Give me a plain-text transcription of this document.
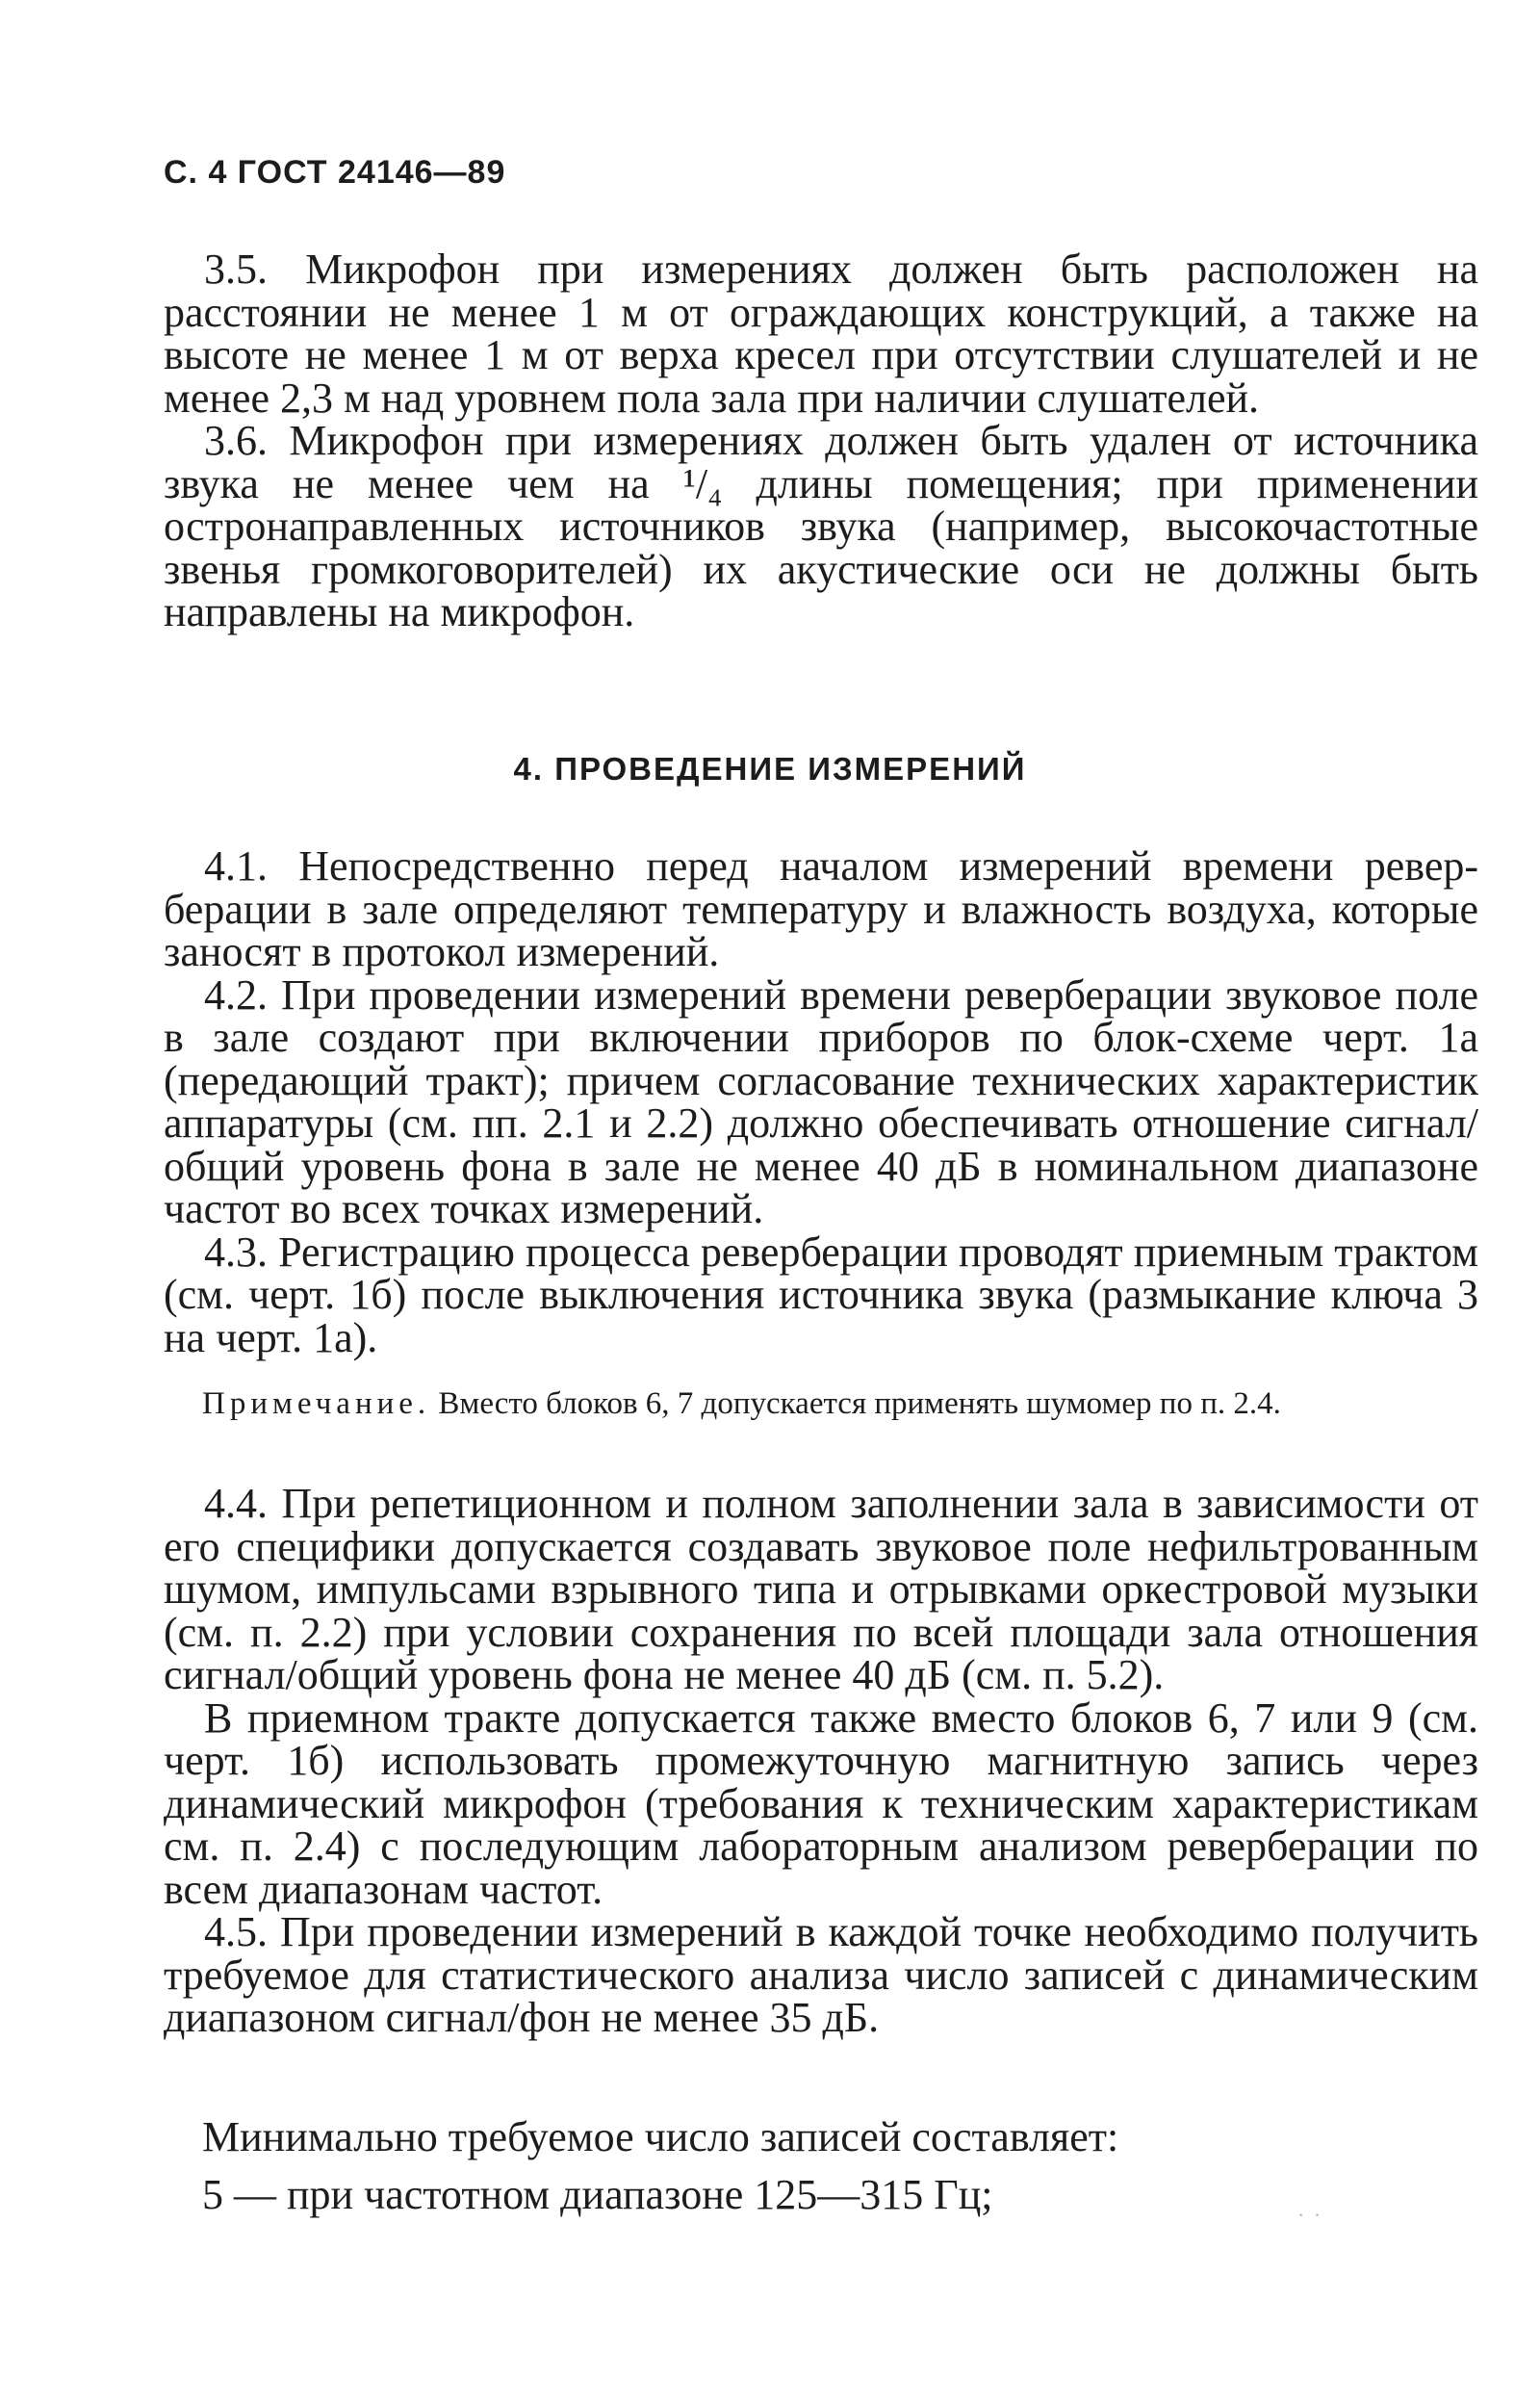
С. 4 ГОСТ 24146—89

3.5. Микрофон при измерениях должен быть расположен на расстоянии не менее 1 м от ограждающих конструкций, а также на высоте не менее 1 м от верха кресел при отсутствии слушателей и не менее 2,3 м над уровнем пола зала при наличии слушателей.

3.6. Микрофон при измерениях должен быть удален от источника звука не менее чем на ¹/₄ длины помещения; при применении остронаправленных источников звука (например, высокочастотные звенья громкоговорителей) их акустические оси не должны быть направлены на микрофон.

4. ПРОВЕДЕНИЕ ИЗМЕРЕНИЙ

4.1. Непосредственно перед началом измерений времени реверберации в зале определяют температуру и влажность воздуха, которые заносят в протокол измерений.

4.2. При проведении измерений времени реверберации звуковое поле в зале создают при включении приборов по блок-схеме черт. 1а (передающий тракт); причем согласование технических характеристик аппаратуры (см. пп. 2.1 и 2.2) должно обеспечивать отношение сигнал/общий уровень фона в зале не менее 40 дБ в номинальном диапазоне частот во всех точках измерений.

4.3. Регистрацию процесса реверберации проводят приемным трактом (см. черт. 1б) после выключения источника звука (размыкание ключа 3 на черт. 1а).

Примечание. Вместо блоков 6, 7 допускается применять шумомер по п. 2.4.

4.4. При репетиционном и полном заполнении зала в зависимости от его специфики допускается создавать звуковое поле нефильтрованным шумом, импульсами взрывного типа и отрывками оркестровой музыки (см. п. 2.2) при условии сохранения по всей площади зала отношения сигнал/общий уровень фона не менее 40 дБ (см. п. 5.2).

В приемном тракте допускается также вместо блоков 6, 7 или 9 (см. черт. 1б) использовать промежуточную магнитную запись через динамический микрофон (требования к техническим характеристикам см. п. 2.4) с последующим лабораторным анализом реверберации по всем диапазонам частот.

4.5. При проведении измерений в каждой точке необходимо получить требуемое для статистического анализа число записей с динамическим диапазоном сигнал/фон не менее 35 дБ.

Минимально требуемое число записей составляет:
5 — при частотном диапазоне 125—315 Гц;	· ·
